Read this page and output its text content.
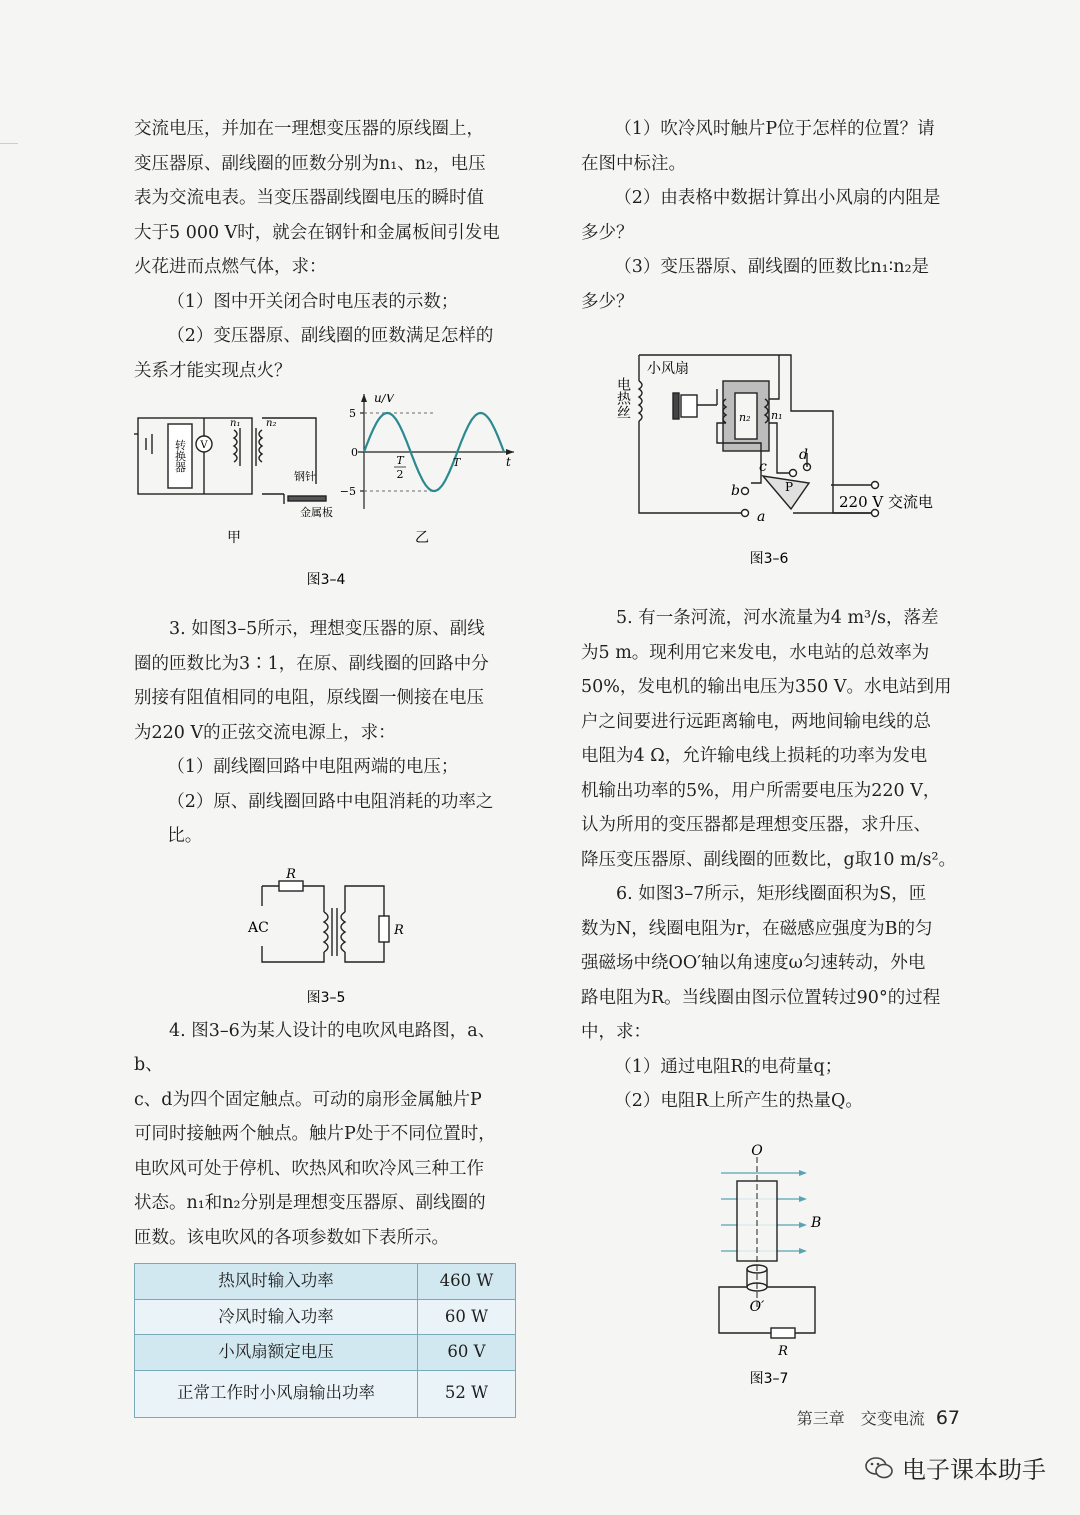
交流电压，并加在一理想变压器的原线圈上，

变压器原、副线圈的匝数分别为n₁、n₂，电压

表为交流电表。当变压器副线圈电压的瞬时值

大于5 000 V时，就会在钢针和金属板间引发电

火花进而点燃气体，求：

（1）图中开关闭合时电压表的示数；

（2）变压器原、副线圈的匝数满足怎样的

关系才能实现点火？

转换器 V
n₁	n₂
钢针
金属板
甲
u/V
t
5
−5
0
T
2
T
乙
图3–4

3. 如图3–5所示，理想变压器的原、副线

圈的匝数比为3∶1，在原、副线圈的回路中分

别接有阻值相同的电阻，原线圈一侧接在电压

为220 V的正弦交流电源上，求：

（1）副线圈回路中电阻两端的电压；

（2）原、副线圈回路中电阻消耗的功率之比。

R
R
AC
图3–5

4. 图3–6为某人设计的电吹风电路图，a、b、

c、d为四个固定触点。可动的扇形金属触片P

可同时接触两个触点。触片P处于不同位置时，

电吹风可处于停机、吹热风和吹冷风三种工作

状态。n₁和n₂分别是理想变压器原、副线圈的

匝数。该电吹风的各项参数如下表所示。

热风时输入功率	460 W
冷风时输入功率	60 W
小风扇额定电压	60 V
正常工作时小风扇输出功率	52 W

（1）吹冷风时触片P位于怎样的位置？请

在图中标注。

（2）由表格中数据计算出小风扇的内阻是

多少？

（3）变压器原、副线圈的匝数比n₁∶n₂是

多少？

电热丝
小风扇
n₂ n₁
a
b
c
d
P
220 V 交流电
图3–6

5. 有一条河流，河水流量为4 m³/s，落差

为5 m。现利用它来发电，水电站的总效率为

50%，发电机的输出电压为350 V。水电站到用

户之间要进行远距离输电，两地间输电线的总

电阻为4 Ω，允许输电线上损耗的功率为发电

机输出功率的5%，用户所需要电压为220 V，

认为所用的变压器都是理想变压器，求升压、

降压变压器原、副线圈的匝数比，g取10 m/s²。

6. 如图3–7所示，矩形线圈面积为S，匝

数为N，线圈电阻为r，在磁感应强度为B的匀

强磁场中绕OO′轴以角速度ω匀速转动，外电

路电阻为R。当线圈由图示位置转过90°的过程

中，求：

（1）通过电阻R的电荷量q；

（2）电阻R上所产生的热量Q。

O
B
O′
R
图3–7
第三章　交变电流 67
电子课本助手
